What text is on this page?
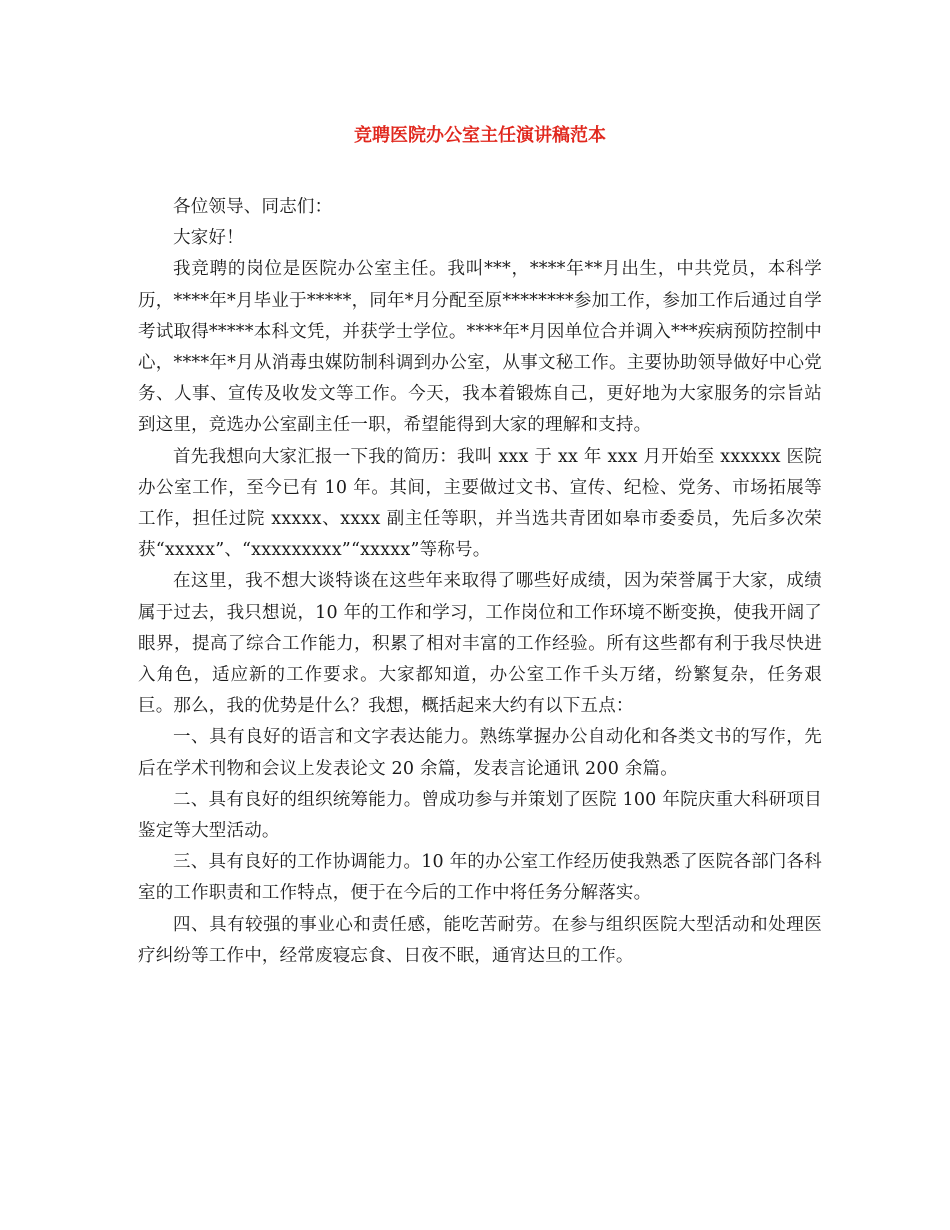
竞聘医院办公室主任演讲稿范本

各位领导、同志们：

大家好！

我竞聘的岗位是医院办公室主任。我叫***，****年**月出生，中共党员，本科学历，****年*月毕业于*****，同年*月分配至原********参加工作，参加工作后通过自学考试取得*****本科文凭，并获学士学位。****年*月因单位合并调入***疾病预防控制中心，****年*月从消毒虫媒防制科调到办公室，从事文秘工作。主要协助领导做好中心党务、人事、宣传及收发文等工作。今天，我本着锻炼自己，更好地为大家服务的宗旨站到这里，竞选办公室副主任一职，希望能得到大家的理解和支持。

首先我想向大家汇报一下我的简历：我叫 xxx 于 xx 年 xxx 月开始至 xxxxxx 医院办公室工作，至今已有 10 年。其间，主要做过文书、宣传、纪检、党务、市场拓展等工作，担任过院 xxxxx、xxxx 副主任等职，并当选共青团如皋市委委员，先后多次荣获“xxxxx”、“xxxxxxxxx”“xxxxx”等称号。

在这里，我不想大谈特谈在这些年来取得了哪些好成绩，因为荣誉属于大家，成绩属于过去，我只想说，10 年的工作和学习，工作岗位和工作环境不断变换，使我开阔了眼界，提高了综合工作能力，积累了相对丰富的工作经验。所有这些都有利于我尽快进入角色，适应新的工作要求。大家都知道，办公室工作千头万绪，纷繁复杂，任务艰巨。那么，我的优势是什么？我想，概括起来大约有以下五点：

一、具有良好的语言和文字表达能力。熟练掌握办公自动化和各类文书的写作，先后在学术刊物和会议上发表论文 20 余篇，发表言论通讯 200 余篇。

二、具有良好的组织统筹能力。曾成功参与并策划了医院 100 年院庆重大科研项目鉴定等大型活动。

三、具有良好的工作协调能力。10 年的办公室工作经历使我熟悉了医院各部门各科室的工作职责和工作特点，便于在今后的工作中将任务分解落实。

四、具有较强的事业心和责任感，能吃苦耐劳。在参与组织医院大型活动和处理医疗纠纷等工作中，经常废寝忘食、日夜不眠，通宵达旦的工作。
